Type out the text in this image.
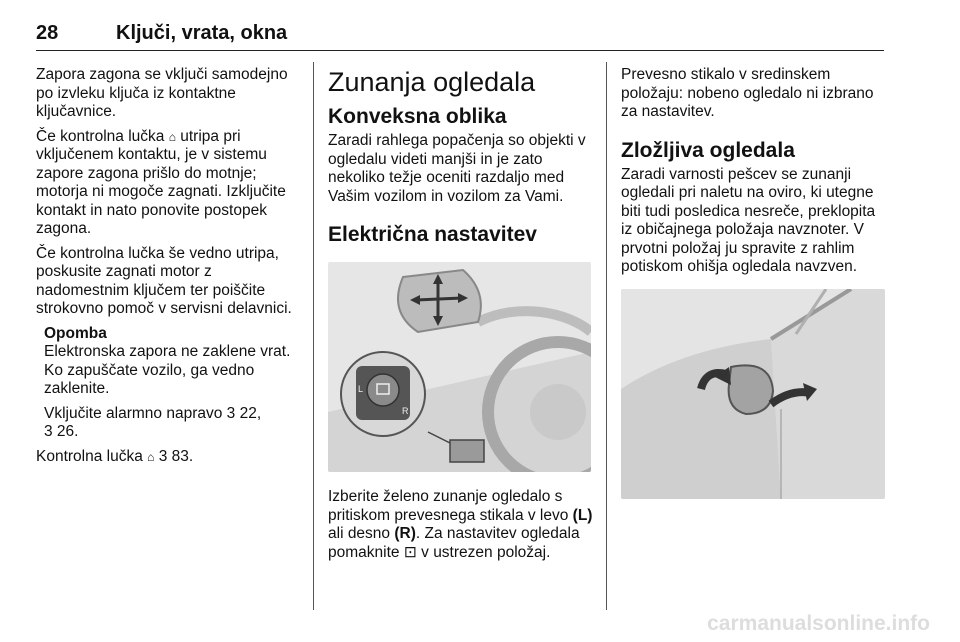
28	Ključi, vrata, okna

Zapora zagona se vključi samodejno po izvleku ključa iz kontaktne ključavnice.

Če kontrolna lučka ⌂ utripa pri vključenem kontaktu, je v sistemu zapore zagona prišlo do motnje; motorja ni mogoče zagnati. Izključite kontakt in nato ponovite postopek zagona.

Če kontrolna lučka še vedno utripa, poskusite zagnati motor z nadomestnim ključem ter poiščite strokovno pomoč v servisni delavnici.

Opomba

Elektronska zapora ne zaklene vrat. Ko zapuščate vozilo, ga vedno zaklenite.

Vključite alarmno napravo 3 22,
3 26.

Kontrolna lučka ⌂ 3 83.

Zunanja ogledala
Konveksna oblika

Zaradi rahlega popačenja so objekti v ogledalu videti manjši in je zato nekoliko težje oceniti razdaljo med Vašim vozilom in vozilom za Vami.

Električna nastavitev
L
R

Izberite želeno zunanje ogledalo s pritiskom prevesnega stikala v levo (L) ali desno (R). Za nastavitev ogledala pomaknite ⊡ v ustrezen položaj.

Prevesno stikalo v sredinskem položaju: nobeno ogledalo ni izbrano za nastavitev.

Zložljiva ogledala

Zaradi varnosti pešcev se zunanji ogledali pri naletu na oviro, ki utegne biti tudi posledica nesreče, preklopita iz običajnega položaja navznoter. V prvotni položaj ju spravite z rahlim potiskom ohišja ogledala navzven.

carmanualsonline.info
